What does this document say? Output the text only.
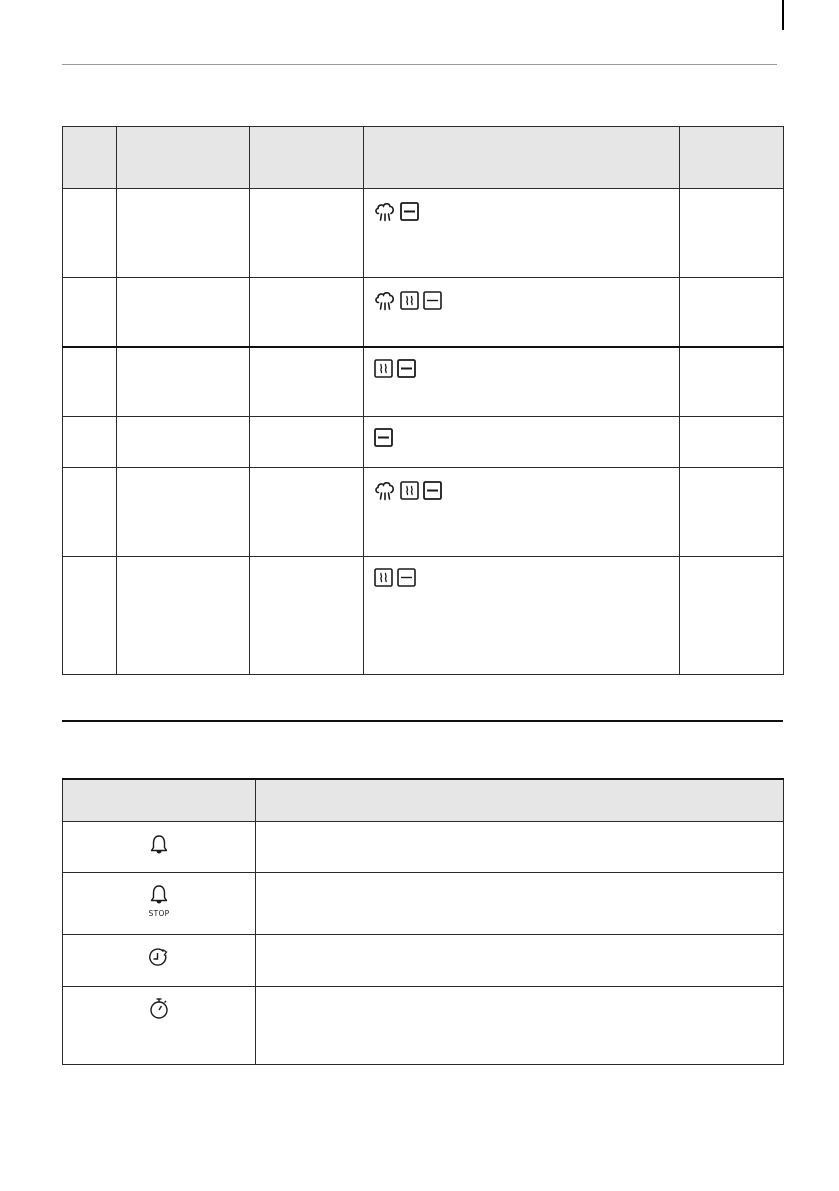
STOP	
